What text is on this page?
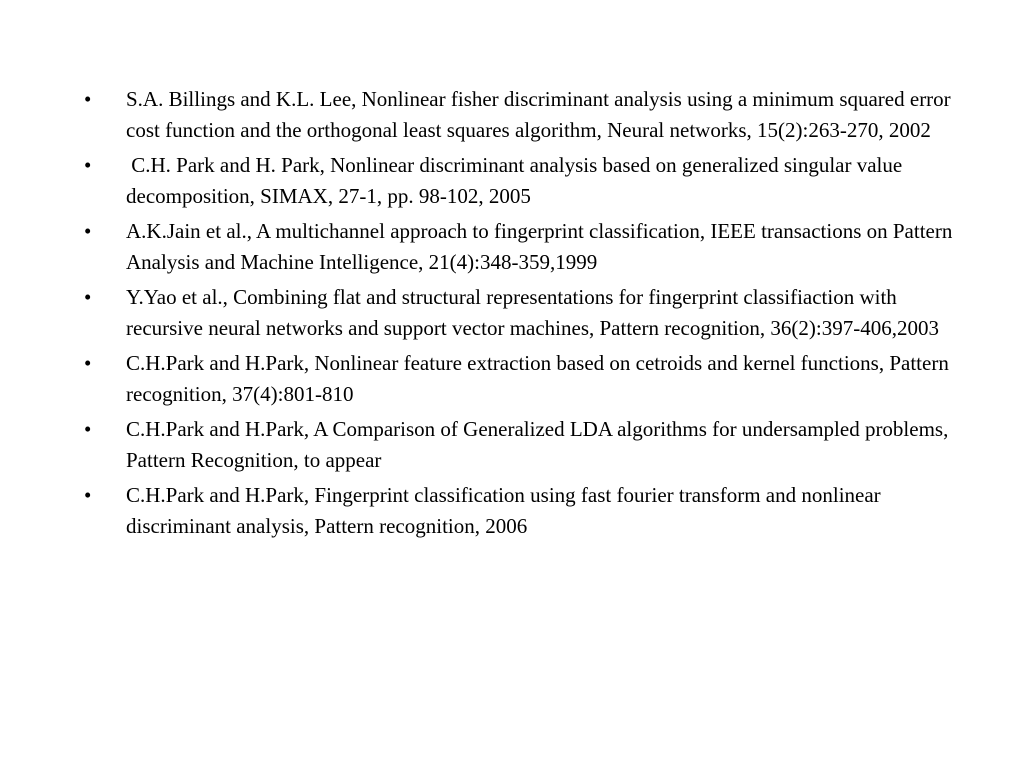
•	S.A. Billings and K.L. Lee, Nonlinear fisher discriminant analysis using a minimum squared error cost function and the orthogonal least squares algorithm, Neural networks, 15(2):263-270, 2002
•	C.H. Park and H. Park, Nonlinear discriminant analysis based on generalized singular value decomposition, SIMAX, 27-1, pp. 98-102, 2005
•	A.K.Jain et al., A multichannel approach to fingerprint classification, IEEE transactions on Pattern Analysis and Machine Intelligence, 21(4):348-359,1999
•	Y.Yao et al., Combining flat and structural representations for fingerprint classifiaction with recursive neural networks and support vector machines, Pattern recognition, 36(2):397-406,2003
•	C.H.Park and H.Park, Nonlinear feature extraction based on cetroids and kernel functions, Pattern recognition, 37(4):801-810
•	C.H.Park and H.Park, A Comparison of Generalized LDA algorithms for undersampled problems, Pattern Recognition, to appear
•	C.H.Park and H.Park, Fingerprint classification using fast fourier transform and nonlinear discriminant analysis, Pattern recognition, 2006
